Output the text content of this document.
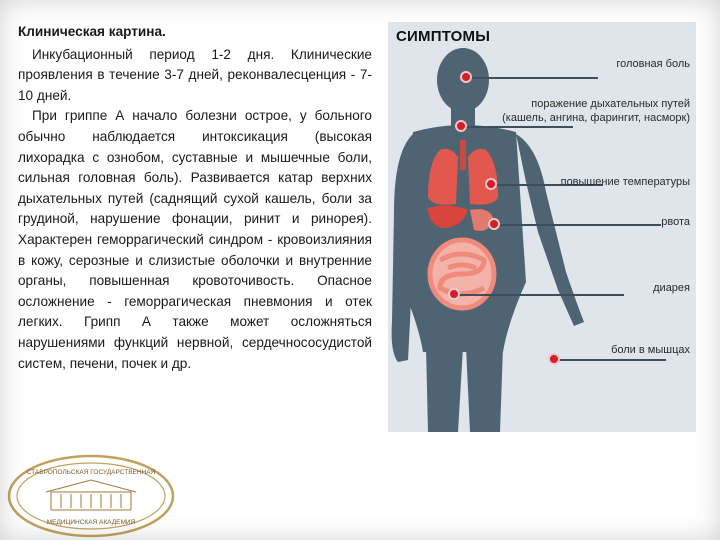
Клиническая картина.

Инкубационный период 1-2 дня. Клинические проявления в течение 3-7 дней, реконвалесценция - 7-10 дней.

При гриппе А начало болезни острое, у больного обычно наблюдается интоксикация (высокая лихорадка с ознобом, суставные и мышечные боли, сильная головная боль). Развивается катар верхних дыхательных путей (саднящий сухой кашель, боли за грудиной, нарушение фонации, ринит и ринорея). Характерен геморрагический синдром - кровоизлияния в кожу, серозные и слизистые оболочки и внутренние органы, повышенная кровоточивость. Опасное осложнение - геморрагическая пневмония и отек легких. Грипп А также может осложняться нарушениями функций нервной, сердечнососудистой систем, печени, почек и др.

СИМПТОМЫ
головная боль
поражение дыхательных путей
(кашель, ангина, фарингит, насморк)
повышение температуры
рвота
диарея
боли в мышцах
СТАВРОПОЛЬСКАЯ ГОСУДАРСТВЕННАЯ
МЕДИЦИНСКАЯ АКАДЕМИЯ
